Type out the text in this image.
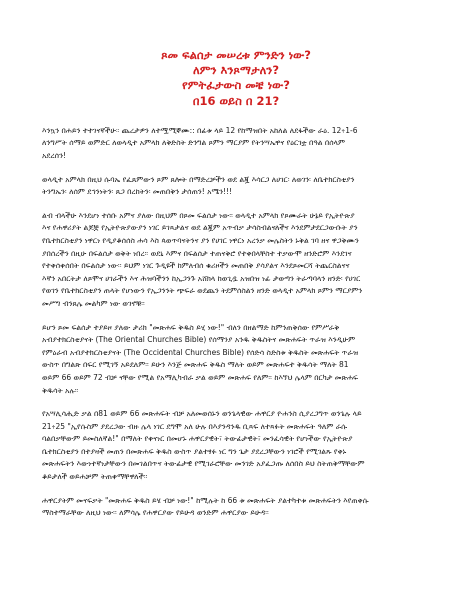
ጾመ ፍልሰታ መሠረቱ ምንድን ነው?
ለምን እንጾማታለን?
የምትፈታውስ መቼ ነው?
በ16 ወይስ በ 21?

እንኳን በሐይን ተተገናኛችሁ። ጨረታዎን ለተሟሚኞሙ:: በፊቱ ላይ 12 የከማዝበት አከለል ለደፋችው ራዕ. 12፥1-6
ለንግሥት ሰማይ ወምድር ለወላዲተ አምላክ ለቅድስት ድንግል ጾምን ማርያም የትንሣኤዋና የዕርገቷ በዓል በሰላም
አደረሰን!

ወላዲተ አምላክ በዚህ ሱባኤ የፈጸምውን ጾም ጸሎት በማድረቻችን ወደ ልጇ እሳርጋ ለሀገር፡ ለወገን፡ ለቤተክርስቲያን
ትንግኤን፡ ለሰም ደኅንነትን፡ ጸጋ በረከትን፡ መጠበቅን ታሰጠን! አሜን!!!

ልብ ብላችሁ እንደሆነ ተሰቡ አምና ያለው በዚህም በጾመ ፍልሰታ ነው፡፡ ወላዲተ አምላክ የጾሙራት ሁኔይ የኢትዮጵያ
እና የሐዋሪያት ልጆቿ የኢትዮጵያውያን ነገር ይገጻታልና ወደ ልጇም አጥብቃ ታሳስብልናለችና እንደምታደርጋውቡት ያን
የቤተክርስቲያን ነዋርነ የዲያቆሰሰስ ሐሳ እስ ጳወጥባናትንና ያን የሀገር ነዋርነ አረንቃ መሌስትን ኑቅል ገባ ዘና ዋጋቅሙን
ያበሰረችን በዚሁ በፍልሰታ ወቅት ነበረ፡፡ ወደኒ እምና በፍልሰታ ተጠናቅሮ የተቀበላቸስተ ተቃውሞ ዘንድሮም እንደገና
የተቀሰቀሰበት በፍልሰታ ነው፡፡ ይህም ነገር ጉዲዩች ከምለብሰ ቁሪዞችን መጠበቅ ያሳያልና እንደጾመርሻ ትጨርስልናና
እኛን አበርትታ ለጾሞና ሀገራችን እና ሕዝባችንን ከኢጋንጉ አሸክላ ከወጊዷ አዝበዝ ነፊ ታወጣን ትራጣባላን ዘንድ፡ የሀገር
የወገን የቤተክርስቲያን ጠላት የሆነውን የኢጋንንት ጭፍራ ወደጨን ትደምሰስልን ዘንድ ወላዲተ አምላክ ጾምን ማርያምን
መሥግ ብንጸሌ መልካም ነው ወገኖቹ፡፡

ይሆን ጾመ ፍልሰታ ተያይዞ ያለው ታሪክ "መጽሐፍ ቅዱስ ይሂ ነው!" ብለን በዘልማድ ከምንጠቅሰው የምሥራቅ
አብያተክርስቲያናት (The Oriental Churches Bible) የሰማንያ አንዱ ቅዱስትና መጽሐፍት ጥራዝ እንዲሁም
የምዕራብ አብያተክርስቲያናት (The Occidental Churches Bible) የሰድሳ ስድስቱ ቅዱስት መጽሐፍት ጥራዝ
ውስጥ በግልጽ በፍር የሚገኝ አይደለም፡፡ ይሁን እንጅ መጽሐፍ ቅዱስ ማለት ወይም መጽሐፍተ ቅዱሳት ማለት 81
ወይም 66 ወይም 72 ብቻ ናቸው የሚል የአማሊካብራ ቃል ወይም መጽሐፍ የለም፡፡ ከእኘህ ሌላም በርካታ መጽሐፍ
ቅዱሳት አሉ፡፡

የአሣሊሳሒድ ቃል በ81 ወይም 66 መጽሐፍት ብቻ አለመወሰኑን ወንጌላዊው ሐዋርያ ዮሐንስ ሲያረጋግጥ ወንጌሉ ላይ
21፥25 "ኢየሱስም ያደረጋው ብዙ ሌላ ነገር ደግሞ አለ ሁሉ በእያንዳንዱ ቢጻፍ ለተጻፉት መጽሐፍት ዓለም ራሱ
ባልበቃቸውም ይመስለኛል!" በማለት የቀናነር በመሆኑ ሐዋርያዊት፣ ትውፊታዊት፣ መንፈሳዊት የሆነችው የኢትዮጵያ
ቤተክርስቲያን በተያዛች መጠን በመጽሐፍ ቅዱስ ውስጥ ያልተፃፉ ነር ግን ጌታ ያደረጋቸውን ነገሮች የሚገልጹ የቀኑ
መጽሐፍትን እውነተኛነታቸውን በመገልበጥና ትውፊታዊ የሚገራሮቸው መንገድ አያፈጋጡ ለሰበስ ይህ ስትጠቅማቸውም
ቆይታለች ወይሐቻም ትጠቀማቸዋለች፡፡

ሐዋርያትም መናፍቃት "መጽሐፍ ቅዱስ ይሄ ብቻ ነው!" ከሚሉት ከ 66 ቱ መጽሐፍት ያልተካተቱ መጽሐፍትን እየጠቀሱ
ማስተማራቸው ለዚህ ነው፡፡ ለምሳሌ የሐዋርያው የይሁዳ ወንድም ሐዋርያው ይሁዳ፡፡
